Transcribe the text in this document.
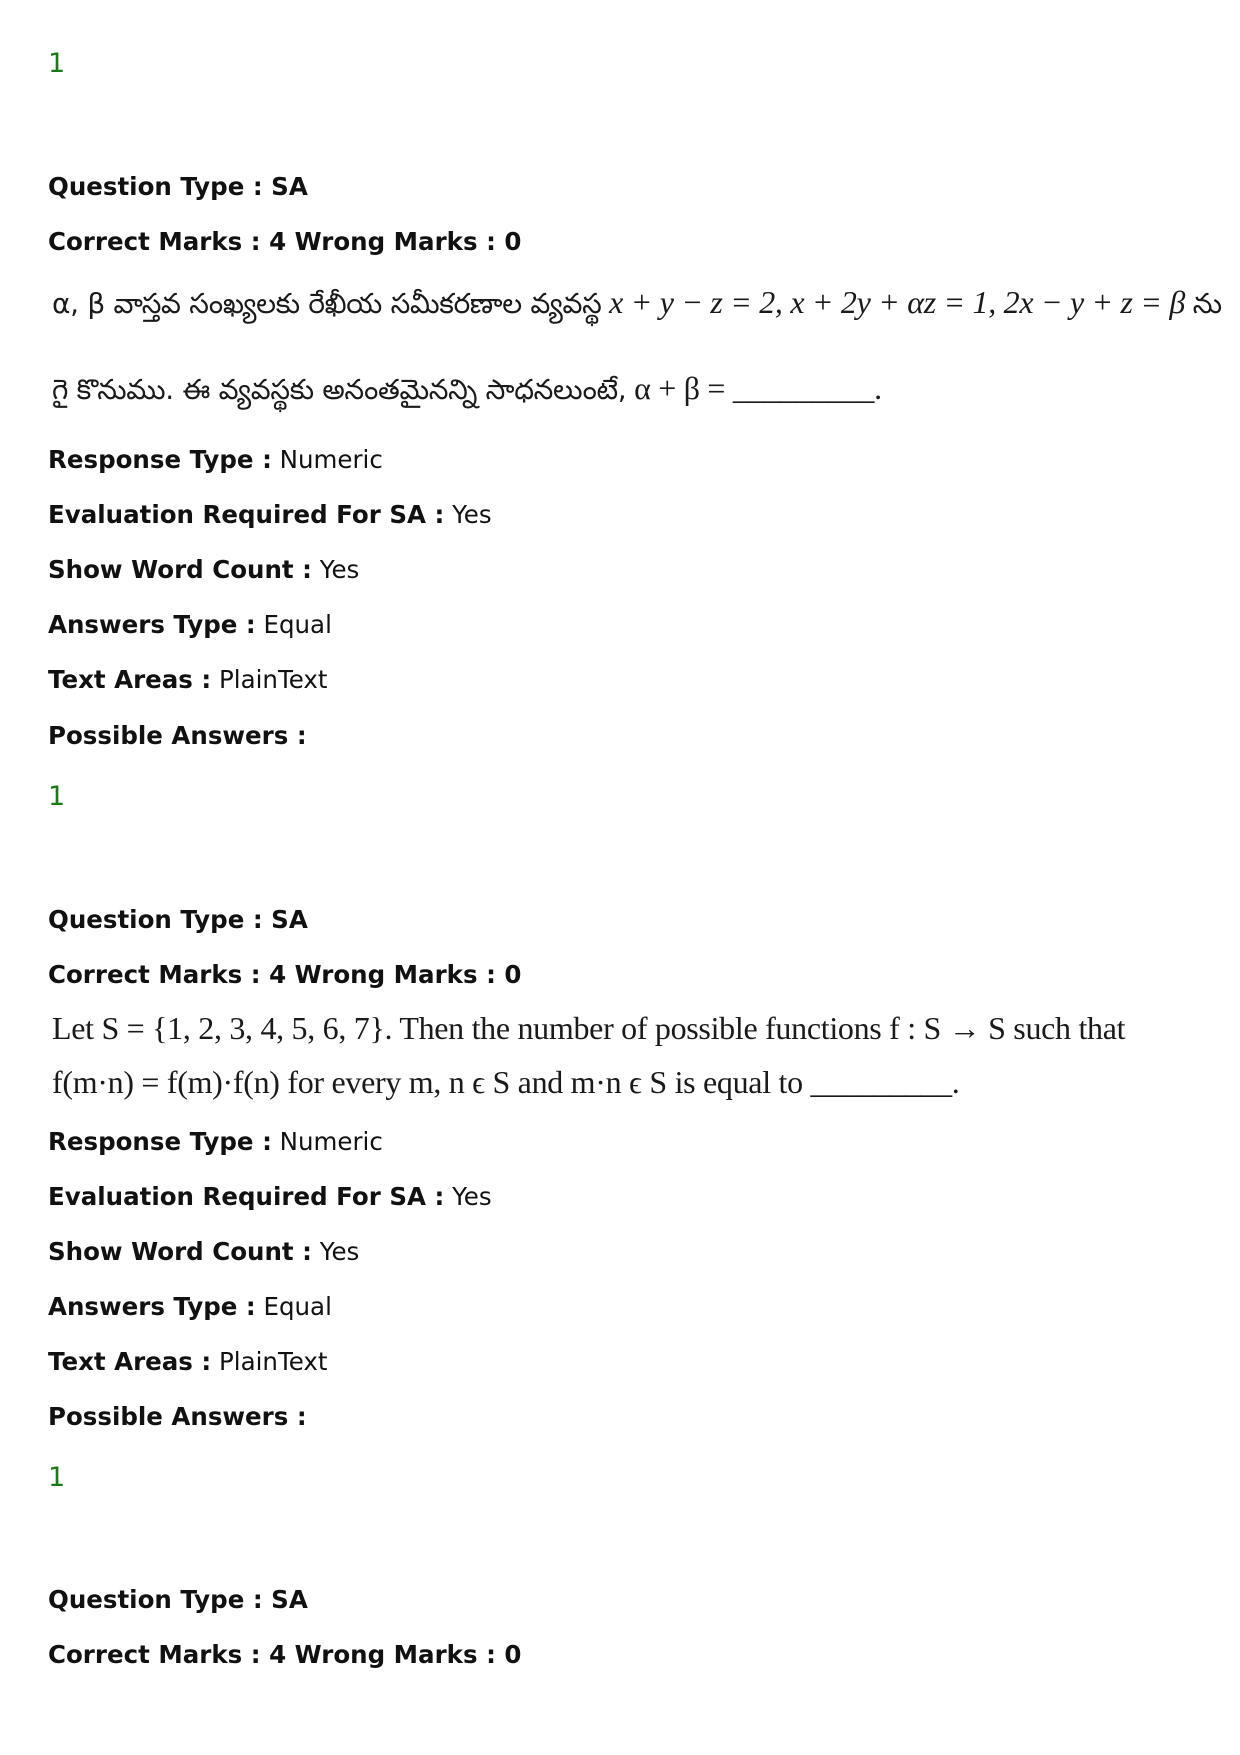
1
Question Type : SA
Correct Marks : 4 Wrong Marks : 0
α, β వాస్తవ సంఖ్యలకు రేఖీయ సమీకరణాల వ్యవస్థ x + y − z = 2, x + 2y + αz = 1, 2x − y + z = β ను
గై కొనుము. ఈ వ్యవస్థకు అనంతమైనన్ని సాధనలుంటే, α + β = _________.
Response Type : Numeric
Evaluation Required For SA : Yes
Show Word Count : Yes
Answers Type : Equal
Text Areas : PlainText
Possible Answers :
1
Question Type : SA
Correct Marks : 4 Wrong Marks : 0
Let S = {1, 2, 3, 4, 5, 6, 7}. Then the number of possible functions f : S → S such that
f(m·n) = f(m)·f(n) for every m, n ϵ S and m·n ϵ S is equal to _________.
Response Type : Numeric
Evaluation Required For SA : Yes
Show Word Count : Yes
Answers Type : Equal
Text Areas : PlainText
Possible Answers :
1
Question Type : SA
Correct Marks : 4 Wrong Marks : 0
